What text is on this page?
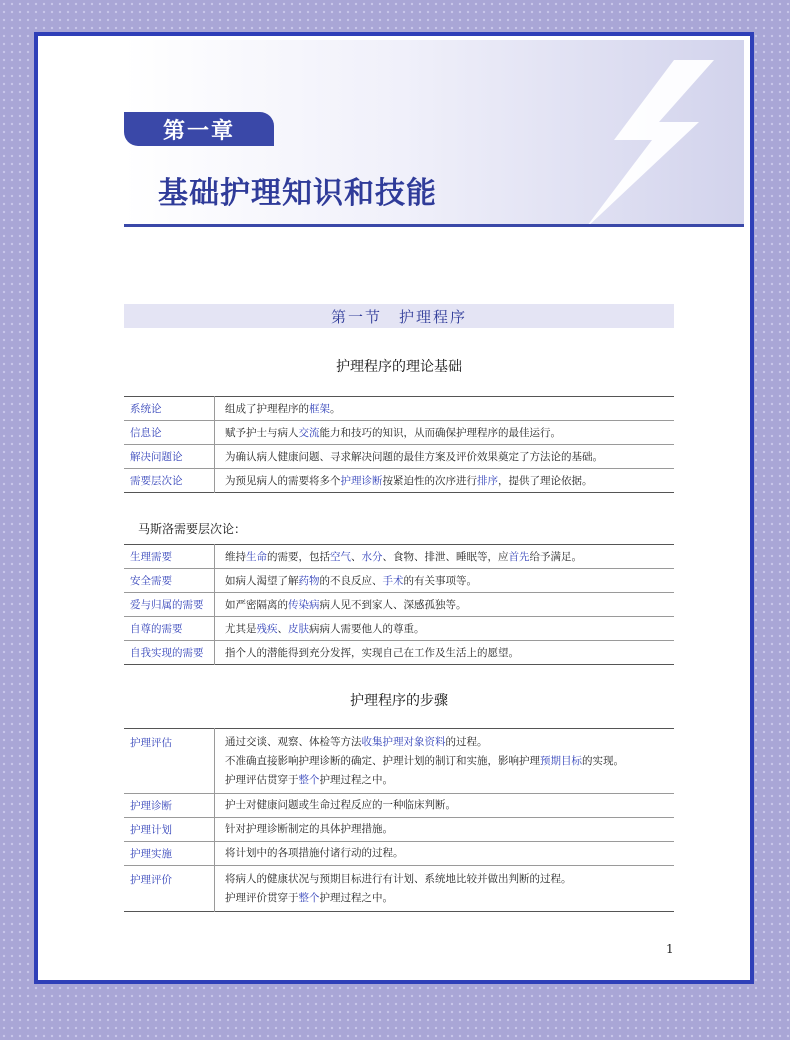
第一章
基础护理知识和技能
第一节　护理程序
护理程序的理论基础
系统论	组成了护理程序的框架。
信息论	赋予护士与病人交流能力和技巧的知识，从而确保护理程序的最佳运行。
解决问题论	为确认病人健康问题、寻求解决问题的最佳方案及评价效果奠定了方法论的基础。
需要层次论	为预见病人的需要将多个护理诊断按紧迫性的次序进行排序，提供了理论依据。
马斯洛需要层次论：
生理需要	维持生命的需要，包括空气、水分、食物、排泄、睡眠等，应首先给予满足。
安全需要	如病人渴望了解药物的不良反应、手术的有关事项等。
爱与归属的需要	如严密隔离的传染病病人见不到家人、深感孤独等。
自尊的需要	尤其是残疾、皮肤病病人需要他人的尊重。
自我实现的需要	指个人的潜能得到充分发挥，实现自己在工作及生活上的愿望。
护理程序的步骤
护理评估	通过交谈、观察、体检等方法收集护理对象资料的过程。
不准确直接影响护理诊断的确定、护理计划的制订和实施，影响护理预期目标的实现。
护理评估贯穿于整个护理过程之中。

护理诊断	护士对健康问题或生命过程反应的一种临床判断。

护理计划	针对护理诊断制定的具体护理措施。

护理实施	将计划中的各项措施付诸行动的过程。

护理评价	将病人的健康状况与预期目标进行有计划、系统地比较并做出判断的过程。
护理评价贯穿于整个护理过程之中。
1
